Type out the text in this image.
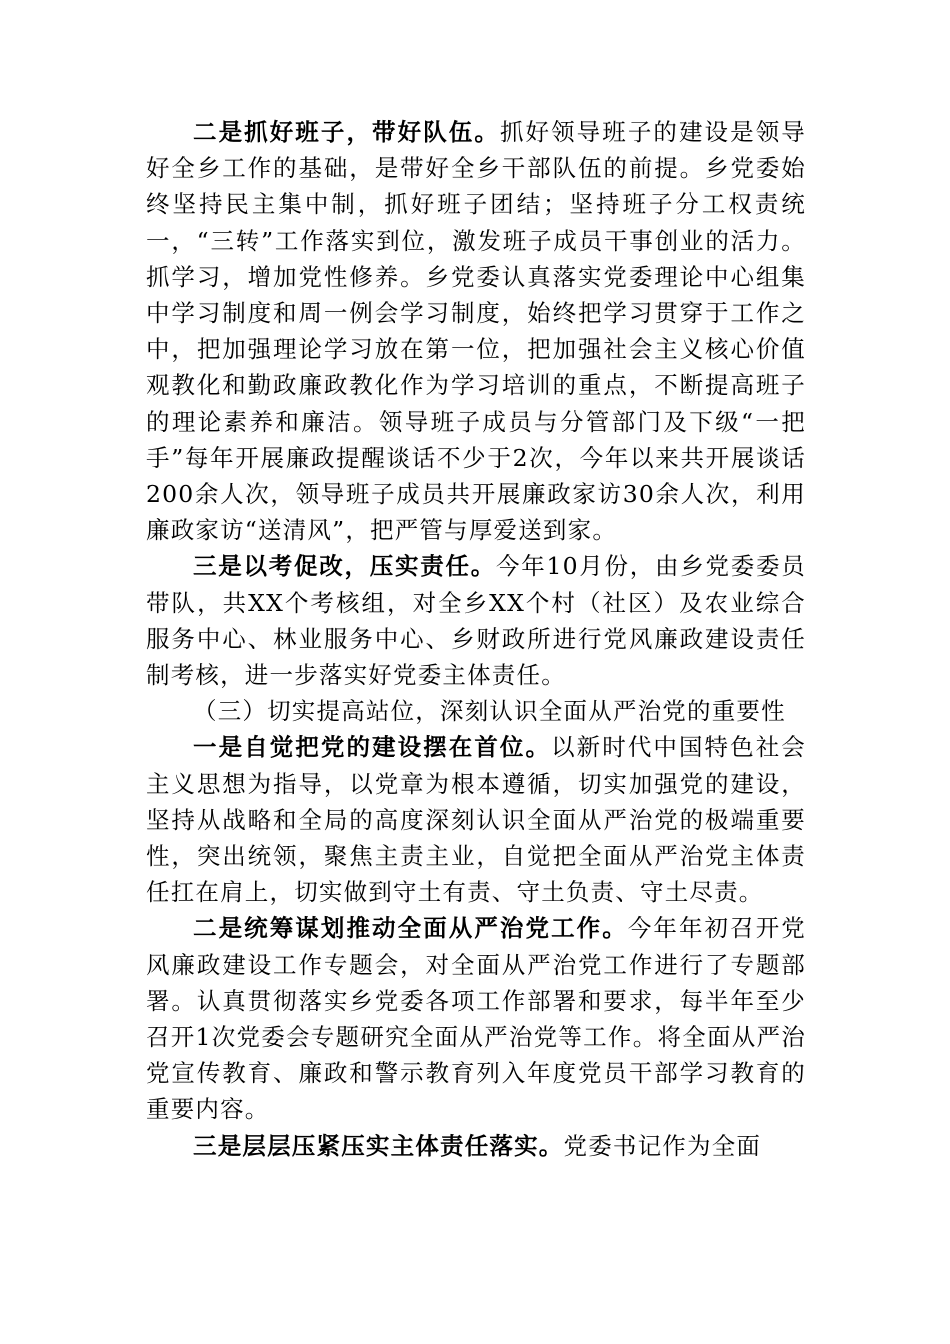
二是抓好班子，带好队伍。抓好领导班子的建设是领导好全乡工作的基础，是带好全乡干部队伍的前提。乡党委始终坚持民主集中制，抓好班子团结；坚持班子分工权责统一，“三转”工作落实到位，激发班子成员干事创业的活力。抓学习，增加党性修养。乡党委认真落实党委理论中心组集中学习制度和周一例会学习制度，始终把学习贯穿于工作之中，把加强理论学习放在第一位，把加强社会主义核心价值观教化和勤政廉政教化作为学习培训的重点，不断提高班子的理论素养和廉洁。领导班子成员与分管部门及下级“一把手”每年开展廉政提醒谈话不少于2次，今年以来共开展谈话200余人次，领导班子成员共开展廉政家访30余人次，利用廉政家访“送清风”，把严管与厚爱送到家。

三是以考促改，压实责任。今年10月份，由乡党委委员带队，共XX个考核组，对全乡XX个村（社区）及农业综合服务中心、林业服务中心、乡财政所进行党风廉政建设责任制考核，进一步落实好党委主体责任。

（三）切实提高站位，深刻认识全面从严治党的重要性

一是自觉把党的建设摆在首位。以新时代中国特色社会主义思想为指导，以党章为根本遵循，切实加强党的建设，坚持从战略和全局的高度深刻认识全面从严治党的极端重要性，突出统领，聚焦主责主业，自觉把全面从严治党主体责任扛在肩上，切实做到守土有责、守土负责、守土尽责。

二是统筹谋划推动全面从严治党工作。今年年初召开党风廉政建设工作专题会，对全面从严治党工作进行了专题部署。认真贯彻落实乡党委各项工作部署和要求，每半年至少召开1次党委会专题研究全面从严治党等工作。将全面从严治党宣传教育、廉政和警示教育列入年度党员干部学习教育的重要内容。

三是层层压紧压实主体责任落实。党委书记作为全面
